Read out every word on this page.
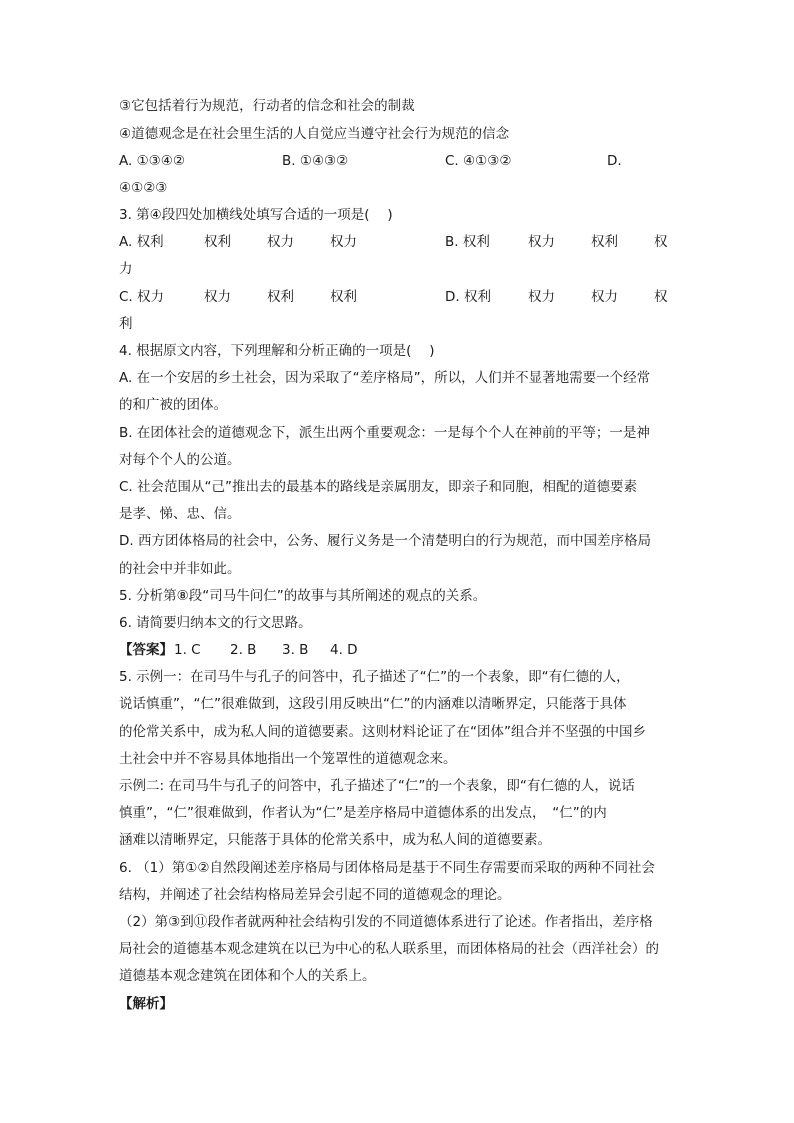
③它包括着行为规范，行动者的信念和社会的制裁
④道德观念是在社会里生活的人自觉应当遵守社会行为规范的信念
A. ①③④②	B. ①④③②	C. ④①③②	D.
④①②③
3. 第④段四处加横线处填写合适的一项是(　 )
A. 权利	权利	权力	权力	B. 权利	权力	权利	权
力
C. 权力	权力	权利	权利	D. 权利	权力	权力	权
利
4. 根据原文内容，下列理解和分析正确的一项是(　 )
A. 在一个安居的乡土社会，因为采取了“差序格局”，所以，人们并不显著地需要一个经常
的和广被的团体。
B. 在团体社会的道德观念下，派生出两个重要观念：一是每个个人在神前的平等；一是神
对每个个人的公道。
C. 社会范围从“己”推出去的最基本的路线是亲属朋友，即亲子和同胞，相配的道德要素
是孝、悌、忠、信。
D. 西方团体格局的社会中，公务、履行义务是一个清楚明白的行为规范，而中国差序格局
的社会中并非如此。
5. 分析第⑧段“司马牛问仁”的故事与其所阐述的观点的关系。
6. 请简要归纳本文的行文思路。
【答案】 1. C 2. B 3. B 4. D
5. 示例一：在司马牛与孔子的问答中，孔子描述了“仁”的一个表象，即“有仁德的人，
说话慎重”，“仁”很难做到，这段引用反映出“仁”的内涵难以清晰界定，只能落于具体
的伦常关系中，成为私人间的道德要素。这则材料论证了在“团体”组合并不坚强的中国乡
土社会中并不容易具体地指出一个笼罩性的道德观念来。
示例二: 在司马牛与孔子的问答中，孔子描述了“仁”的一个表象，即“有仁德的人，说话
慎重”，“仁”很难做到，作者认为“仁”是差序格局中道德体系的出发点，　“仁”的内
涵难以清晰界定，只能落于具体的伦常关系中，成为私人间的道德要素。
6. （1）第①②自然段阐述差序格局与团体格局是基于不同生存需要而采取的两种不同社会
结构，并阐述了社会结构格局差异会引起不同的道德观念的理论。
（2）第③到⑪段作者就两种社会结构引发的不同道德体系进行了论述。作者指出，差序格
局社会的道德基本观念建筑在以已为中心的私人联系里，而团体格局的社会（西洋社会）的
道德基本观念建筑在团体和个人的关系上。
【解析】
